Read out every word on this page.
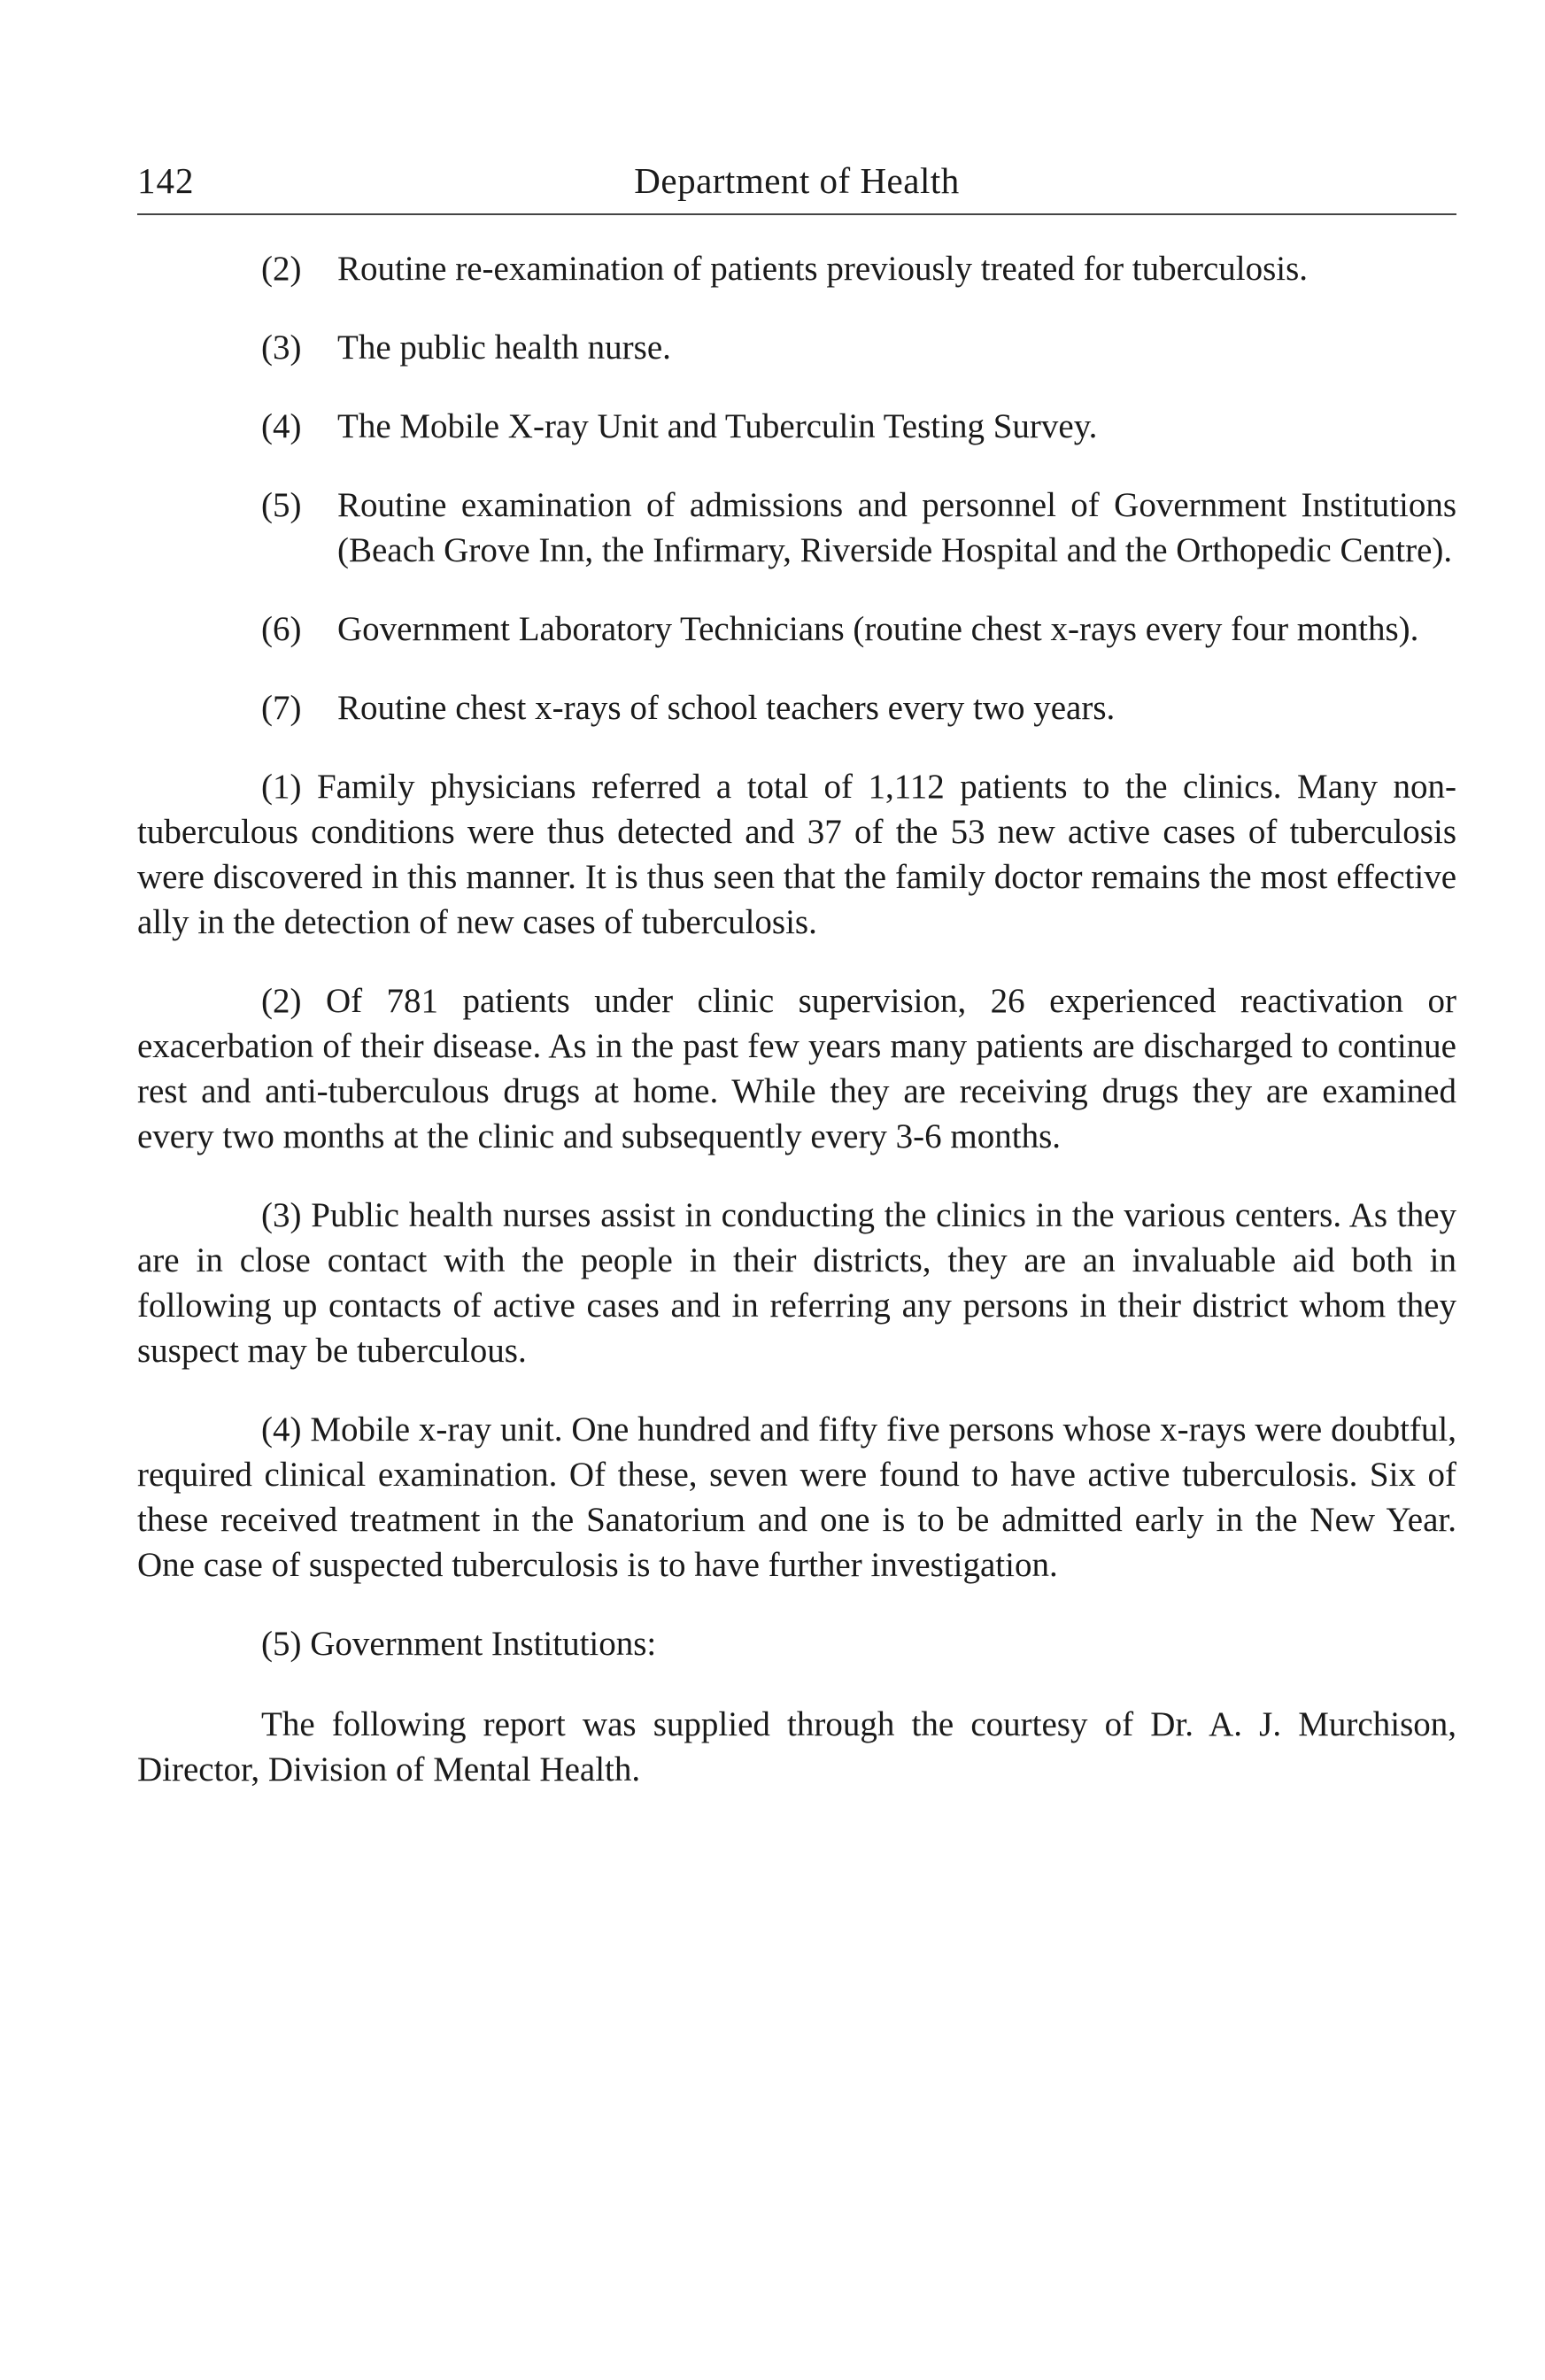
142	Department of Health
(2) Routine re-examination of patients previously treated for tuberculosis.
(3) The public health nurse.
(4) The Mobile X-ray Unit and Tuberculin Testing Survey.
(5) Routine examination of admissions and personnel of Government Institutions (Beach Grove Inn, the Infirmary, Riverside Hospital and the Orthopedic Centre).
(6) Government Laboratory Technicians (routine chest x-rays every four months).
(7) Routine chest x-rays of school teachers every two years.

(1) Family physicians referred a total of 1,112 patients to the clinics. Many non-tuberculous conditions were thus detected and 37 of the 53 new active cases of tuberculosis were discovered in this manner. It is thus seen that the family doctor remains the most effective ally in the detection of new cases of tuberculosis.

(2) Of 781 patients under clinic supervision, 26 experienced reactivation or exacerbation of their disease. As in the past few years many patients are discharged to continue rest and anti-tuberculous drugs at home. While they are receiving drugs they are examined every two months at the clinic and subsequently every 3-6 months.

(3) Public health nurses assist in conducting the clinics in the various centers. As they are in close contact with the people in their districts, they are an invaluable aid both in following up contacts of active cases and in referring any persons in their district whom they suspect may be tuberculous.

(4) Mobile x-ray unit. One hundred and fifty five persons whose x-rays were doubtful, required clinical examination. Of these, seven were found to have active tuberculosis. Six of these received treatment in the Sanatorium and one is to be admitted early in the New Year. One case of suspected tuberculosis is to have further investigation.

(5) Government Institutions:

The following report was supplied through the courtesy of Dr. A. J. Murchison, Director, Division of Mental Health.
